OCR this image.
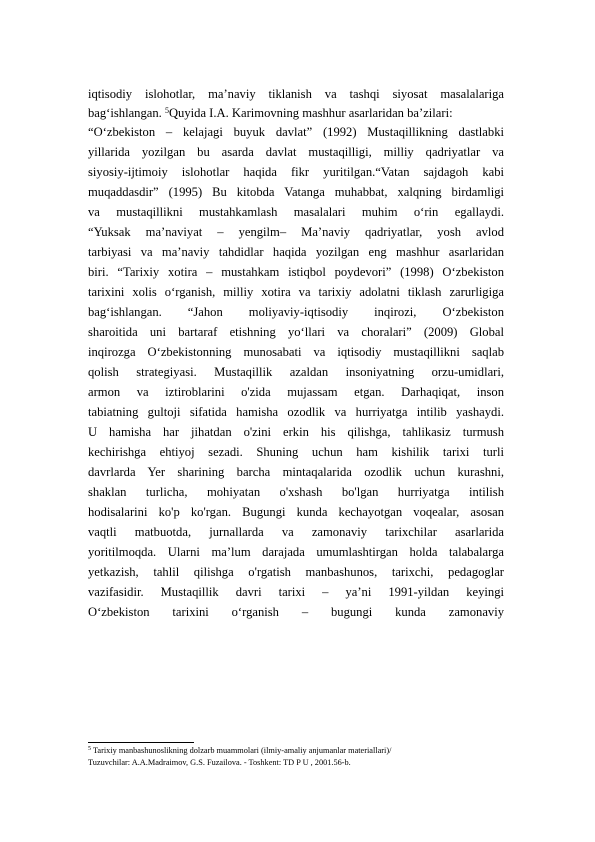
iqtisodiy islohotlar, ma’naviy tiklanish va tashqi siyosat masalalariga
bag‘ishlangan. $^5$Quyida I.A. Karimovning mashhur asarlaridan ba’zilari:
“O‘zbekiston – kelajagi buyuk davlat” (1992) Mustaqillikning dastlabki
yillarida yozilgan bu asarda davlat mustaqilligi, milliy qadriyatlar va
siyosiy-ijtimoiy islohotlar haqida fikr yuritilgan.“Vatan sajdagoh kabi
muqaddasdir” (1995) Bu kitobda Vatanga muhabbat, xalqning birdamligi
va mustaqillikni mustahkamlash masalalari muhim o‘rin egallaydi.
“Yuksak ma’naviyat – yengilm– Ma’naviy qadriyatlar, yosh avlod
tarbiyasi va ma’naviy tahdidlar haqida yozilgan eng mashhur asarlaridan
biri. “Tarixiy xotira – mustahkam istiqbol poydevori” (1998) O‘zbekiston
tarixini xolis o‘rganish, milliy xotira va tarixiy adolatni tiklash zarurligiga
bag‘ishlangan. “Jahon moliyaviy-iqtisodiy inqirozi, O‘zbekiston
sharoitida uni bartaraf etishning yo‘llari va choralari” (2009) Global
inqirozga O‘zbekistonning munosabati va iqtisodiy mustaqillikni saqlab
qolish strategiyasi. Mustaqillik azaldan insoniyatning orzu-umidlari,
armon va iztiroblarini o'zida mujassam etgan. Darhaqiqat, inson
tabiatning gultoji sifatida hamisha ozodlik va hurriyatga intilib yashaydi.
U hamisha har jihatdan o'zini erkin his qilishga, tahlikasiz turmush
kechirishga ehtiyoj sezadi. Shuning uchun ham kishilik tarixi turli
davrlarda Yer sharining barcha mintaqalarida ozodlik uchun kurashni,
shaklan turlicha, mohiyatan o'xshash bo'lgan hurriyatga intilish
hodisalarini ko'p ko'rgan. Bugungi kunda kechayotgan voqealar, asosan
vaqtli matbuotda, jurnallarda va zamonaviy tarixchilar asarlarida
yoritilmoqda. Ularni ma’lum darajada umumlashtirgan holda talabalarga
yetkazish, tahlil qilishga o'rgatish manbashunos, tarixchi, pedagoglar
vazifasidir. Mustaqillik davri tarixi – ya’ni 1991-yildan keyingi
O‘zbekiston tarixini o‘rganish – bugungi kunda zamonaviy
$^5$ Tarixiy manbashunoslikning dolzarb muammolari (ilmiy-amaliy anjumanlar materiallari)/
Tuzuvchilar: A.A.Madraimov, G.S. Fuzailova. - Toshkent: TD P U , 2001.56-b.
